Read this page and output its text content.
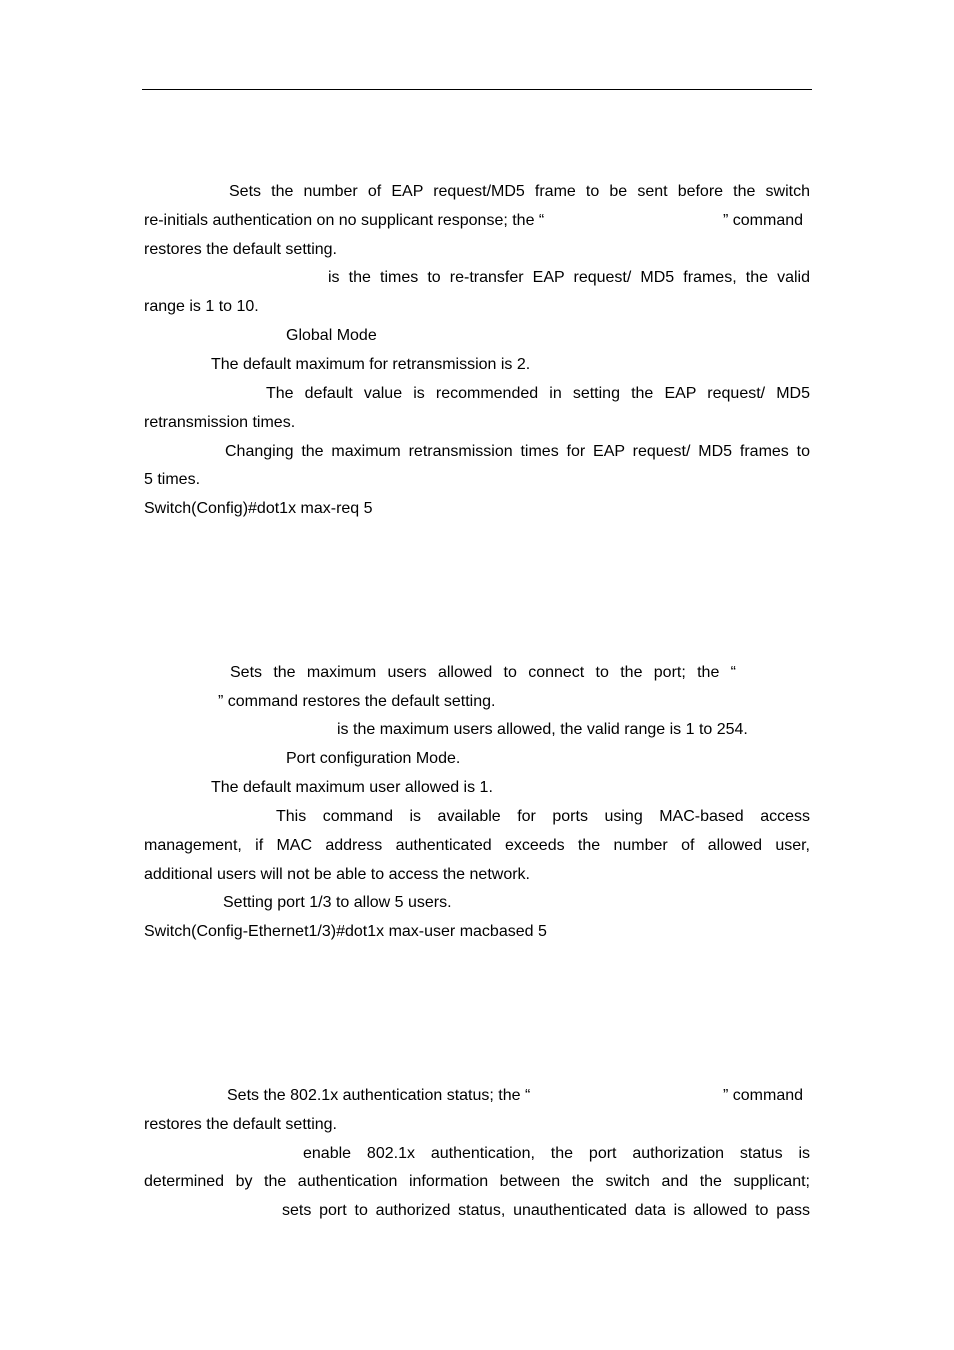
Sets the number of EAP request/MD5 frame to be sent before the switch
re-initials authentication on no supplicant response; the “	” command
restores the default setting.
is the times to re-transfer EAP request/ MD5 frames, the valid
range is 1 to 10.
Global Mode
The default maximum for retransmission is 2.
The default value is recommended in setting the EAP request/ MD5
retransmission times.
Changing the maximum retransmission times for EAP request/ MD5 frames to
5 times.
Switch(Config)#dot1x max-req 5
Sets the maximum users allowed to connect to the port; the “
” command restores the default setting.
is the maximum users allowed, the valid range is 1 to 254.
Port configuration Mode.
The default maximum user allowed is 1.
This command is available for ports using MAC-based access
management, if MAC address authenticated exceeds the number of allowed user,
additional users will not be able to access the network.
Setting port 1/3 to allow 5 users.
Switch(Config-Ethernet1/3)#dot1x max-user macbased 5
Sets the 802.1x authentication status; the “	” command
restores the default setting.
enable 802.1x authentication, the port authorization status is
determined by the authentication information between the switch and the supplicant;
sets port to authorized status, unauthenticated data is allowed to pass
